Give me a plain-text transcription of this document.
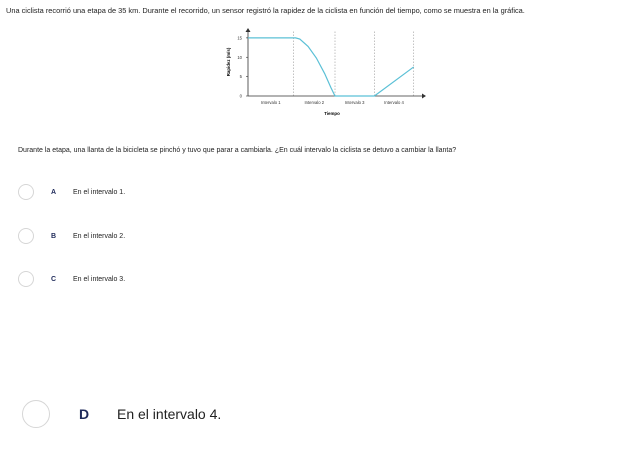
Una ciclista recorrió una etapa de 35 km. Durante el recorrido, un sensor registró la rapidez de la ciclista en función del tiempo, como se muestra en la gráfica.
0
5
10
15
Intervalo 1	Intervalo 2	Intervalo 3	Intervalo 4
Rapidez (m/s)
Tiempo
Durante la etapa, una llanta de la bicicleta se pinchó y tuvo que parar a cambiarla. ¿En cuál intervalo la ciclista se detuvo a cambiar la llanta?
A	En el intervalo 1.
B	En el intervalo 2.
C	En el intervalo 3.
D	En el intervalo 4.
